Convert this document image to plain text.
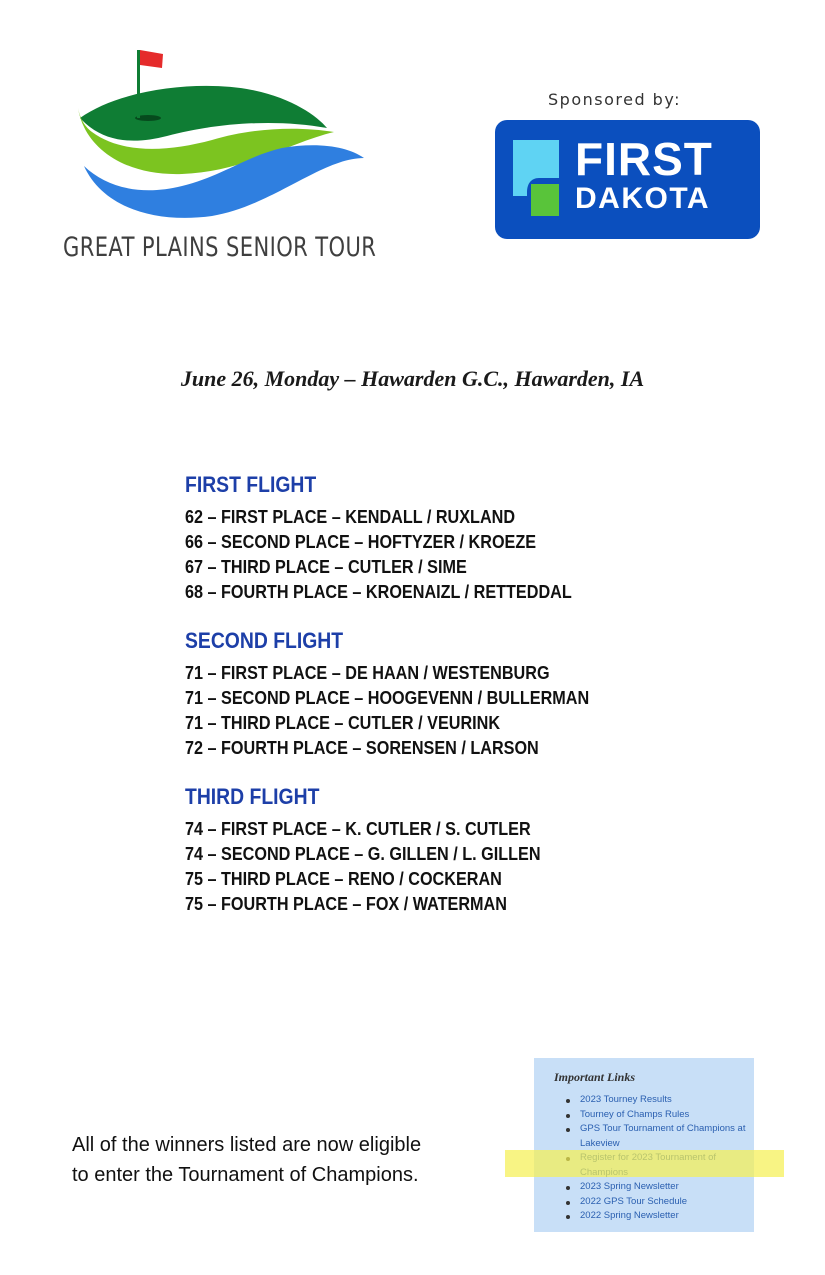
GREAT PLAINS SENIOR TOUR
Sponsored by:
FIRST
DAKOTA
June 26, Monday – Hawarden G.C., Hawarden, IA
FIRST FLIGHT
62 – FIRST PLACE – KENDALL / RUXLAND
66 – SECOND PLACE – HOFTYZER / KROEZE
67 – THIRD PLACE – CUTLER / SIME
68 – FOURTH PLACE – KROENAIZL / RETTEDDAL
SECOND FLIGHT
71 – FIRST PLACE – DE HAAN / WESTENBURG
71 – SECOND PLACE – HOOGEVENN / BULLERMAN
71 – THIRD PLACE – CUTLER / VEURINK
72 – FOURTH PLACE – SORENSEN / LARSON
THIRD FLIGHT
74 – FIRST PLACE – K. CUTLER / S. CUTLER
74 – SECOND PLACE – G. GILLEN / L. GILLEN
75 – THIRD PLACE – RENO / COCKERAN
75 – FOURTH PLACE – FOX / WATERMAN
All of the winners listed are now eligible
to enter the Tournament of Champions.
Important Links
2023 Tourney Results
Tourney of Champs Rules
GPS Tour Tournament of Champions at Lakeview
2023 Spring Newsletter
2022 GPS Tour Schedule
2022 Spring Newsletter
